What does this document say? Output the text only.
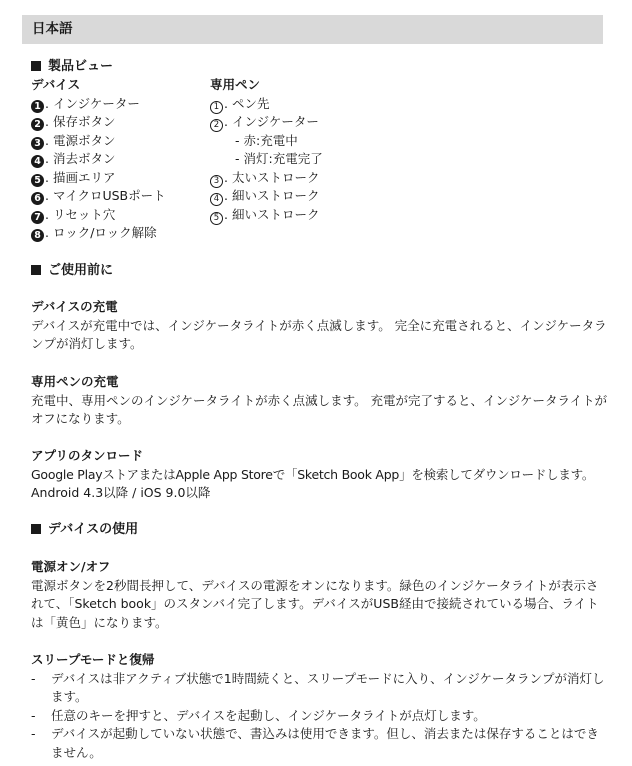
日本語
製品ビュー
デバイス
1 . インジケーター
2 . 保存ボタン
3 . 電源ボタン
4 . 消去ボタン
5 . 描画エリア
6 . マイクロUSBポート
7 . リセット穴
8 . ロック/ロック解除
専用ペン
1 . ペン先
2 . インジケーター
- 赤:充電中
- 消灯:充電完了
3 . 太いストローク
4 . 細いストローク
5 . 細いストローク
ご使用前に
デバイスの充電

デバイスが充電中では、インジケータライトが赤く点滅します。 完全に充電されると、インジケータランプが消灯します。

専用ペンの充電

充電中、専用ペンのインジケータライトが赤く点滅します。 充電が完了すると、インジケータライトがオフになります。

アプリのタンロード

Google PlayストアまたはApple App Storeで「Sketch Book App」を検索してダウンロードします。

Android 4.3以降 / iOS 9.0以降

デバイスの使用
電源オン/オフ

電源ボタンを2秒間長押して、デバイスの電源をオンになります。緑色のインジケータライトが表示されて、「Sketch book」のスタンバイ完了します。デバイスがUSB経由で接続されている場合、ライトは「黄色」になります。

スリープモードと復帰
- デバイスは非アクティブ状態で1時間続くと、スリープモードに入り、インジケータランプが消灯します。
- 任意のキーを押すと、デバイスを起動し、インジケータライトが点灯します。
- デバイスが起動していない状態で、書込みは使用できます。但し、消去または保存することはできません。
